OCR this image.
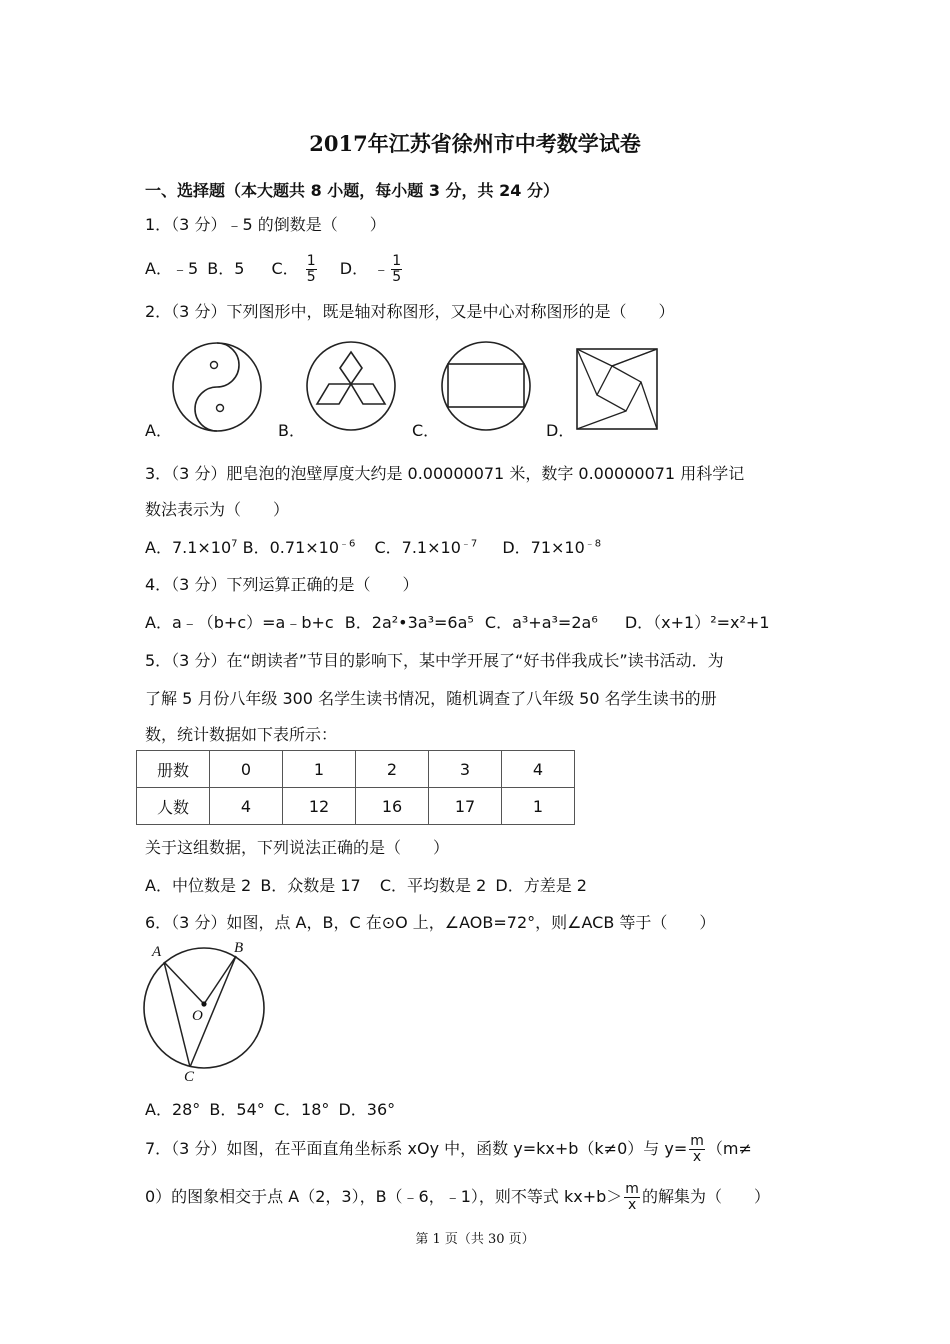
2017年江苏省徐州市中考数学试卷
一、选择题（本大题共 8 小题，每小题 3 分，共 24 分）
1．（3 分）﹣5 的倒数是（　　）
A．﹣5 B．5 C． $\frac{1}{5}$ D． ﹣ $\frac{1}{5}$
2．（3 分）下列图形中，既是轴对称图形，又是中心对称图形的是（　　）
A．	B．	C．	D．
3．（3 分）肥皂泡的泡壁厚度大约是 0.00000071 米，数字 0.00000071 用科学记
数法表示为（　　）
A．$7.1\times 10^7$ B．$0.71\times 10^{﹣6}$ C．$7.1\times 10^{﹣7}$ D．$71\times 10^{﹣8}$
4．（3 分）下列运算正确的是（　　）
A．a﹣（b+c）=a﹣b+c B．2a²•3a³=6a⁵ C．a³+a³=2a⁶ D．（x+1）²=x²+1
5．（3 分）在“朗读者”节目的影响下，某中学开展了“好书伴我成长”读书活动．为
了解 5 月份八年级 300 名学生读书情况，随机调查了八年级 50 名学生读书的册
数，统计数据如下表所示：
册数	0	1	2	3	4
人数	4	12	16	17	1
关于这组数据，下列说法正确的是（　　）
A．中位数是 2 B．众数是 17 C．平均数是 2 D．方差是 2
6．（3 分）如图，点 A，B，C 在⊙O 上，∠AOB=72°，则∠ACB 等于（　　）
A	B
O
C
A．28° B．54° C．18° D．36°
7．（3 分）如图，在平面直角坐标系 xOy 中，函数 y=kx+b（k≠0）与 $y= \frac{m}{x} (m\ne$
0）的图象相交于点 A（2，3），B（﹣6，﹣1），则不等式 $kx+b> \frac{m}{x}$ 的解集为（　　）
第 1 页（共 30 页）
